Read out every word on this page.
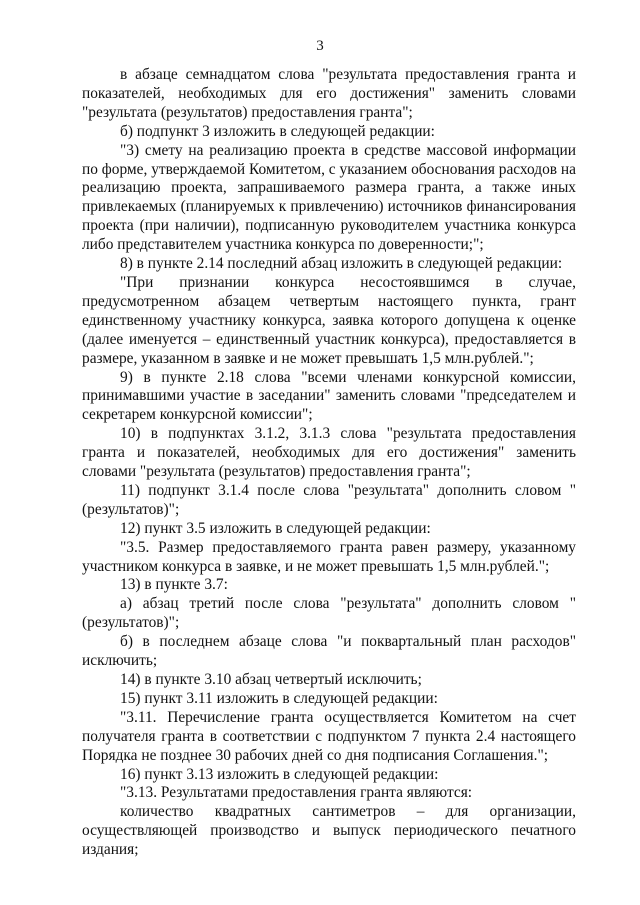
3

в абзаце семнадцатом слова "результата предоставления гранта и показателей, необходимых для его достижения" заменить словами "результата (результатов) предоставления гранта";

б) подпункт 3 изложить в следующей редакции:

"3) смету на реализацию проекта в средстве массовой информации по форме, утверждаемой Комитетом, с указанием обоснования расходов на реализацию проекта, запрашиваемого размера гранта, а также иных привлекаемых (планируемых к привлечению) источников финансирования проекта (при наличии), подписанную руководителем участника конкурса либо представителем участника конкурса по доверенности;";

8) в пункте 2.14 последний абзац изложить в следующей редакции:

"При признании конкурса несостоявшимся в случае, предусмотренном абзацем четвертым настоящего пункта, грант единственному участнику конкурса, заявка которого допущена к оценке (далее именуется – единственный участник конкурса), предоставляется в размере, указанном в заявке и не может превышать 1,5 млн.рублей.";

9) в пункте 2.18 слова "всеми членами конкурсной комиссии, принимавшими участие в заседании" заменить словами "председателем и секретарем конкурсной комиссии";

10) в подпунктах 3.1.2, 3.1.3 слова "результата предоставления гранта и показателей, необходимых для его достижения" заменить словами "результата (результатов) предоставления гранта";

11) подпункт 3.1.4 после слова "результата" дополнить словом "(результатов)";

12) пункт 3.5 изложить в следующей редакции:

"3.5. Размер предоставляемого гранта равен размеру, указанному участником конкурса в заявке, и не может превышать 1,5 млн.рублей.";

13) в пункте 3.7:

а) абзац третий после слова "результата" дополнить словом "(результатов)";

б) в последнем абзаце слова "и поквартальный план расходов" исключить;

14) в пункте 3.10 абзац четвертый исключить;

15) пункт 3.11 изложить в следующей редакции:

"3.11. Перечисление гранта осуществляется Комитетом на счет получателя гранта в соответствии с подпунктом 7 пункта 2.4 настоящего Порядка не позднее 30 рабочих дней со дня подписания Соглашения.";

16) пункт 3.13 изложить в следующей редакции:

"3.13. Результатами предоставления гранта являются:

количество квадратных сантиметров – для организации, осуществляющей производство и выпуск периодического печатного издания;
